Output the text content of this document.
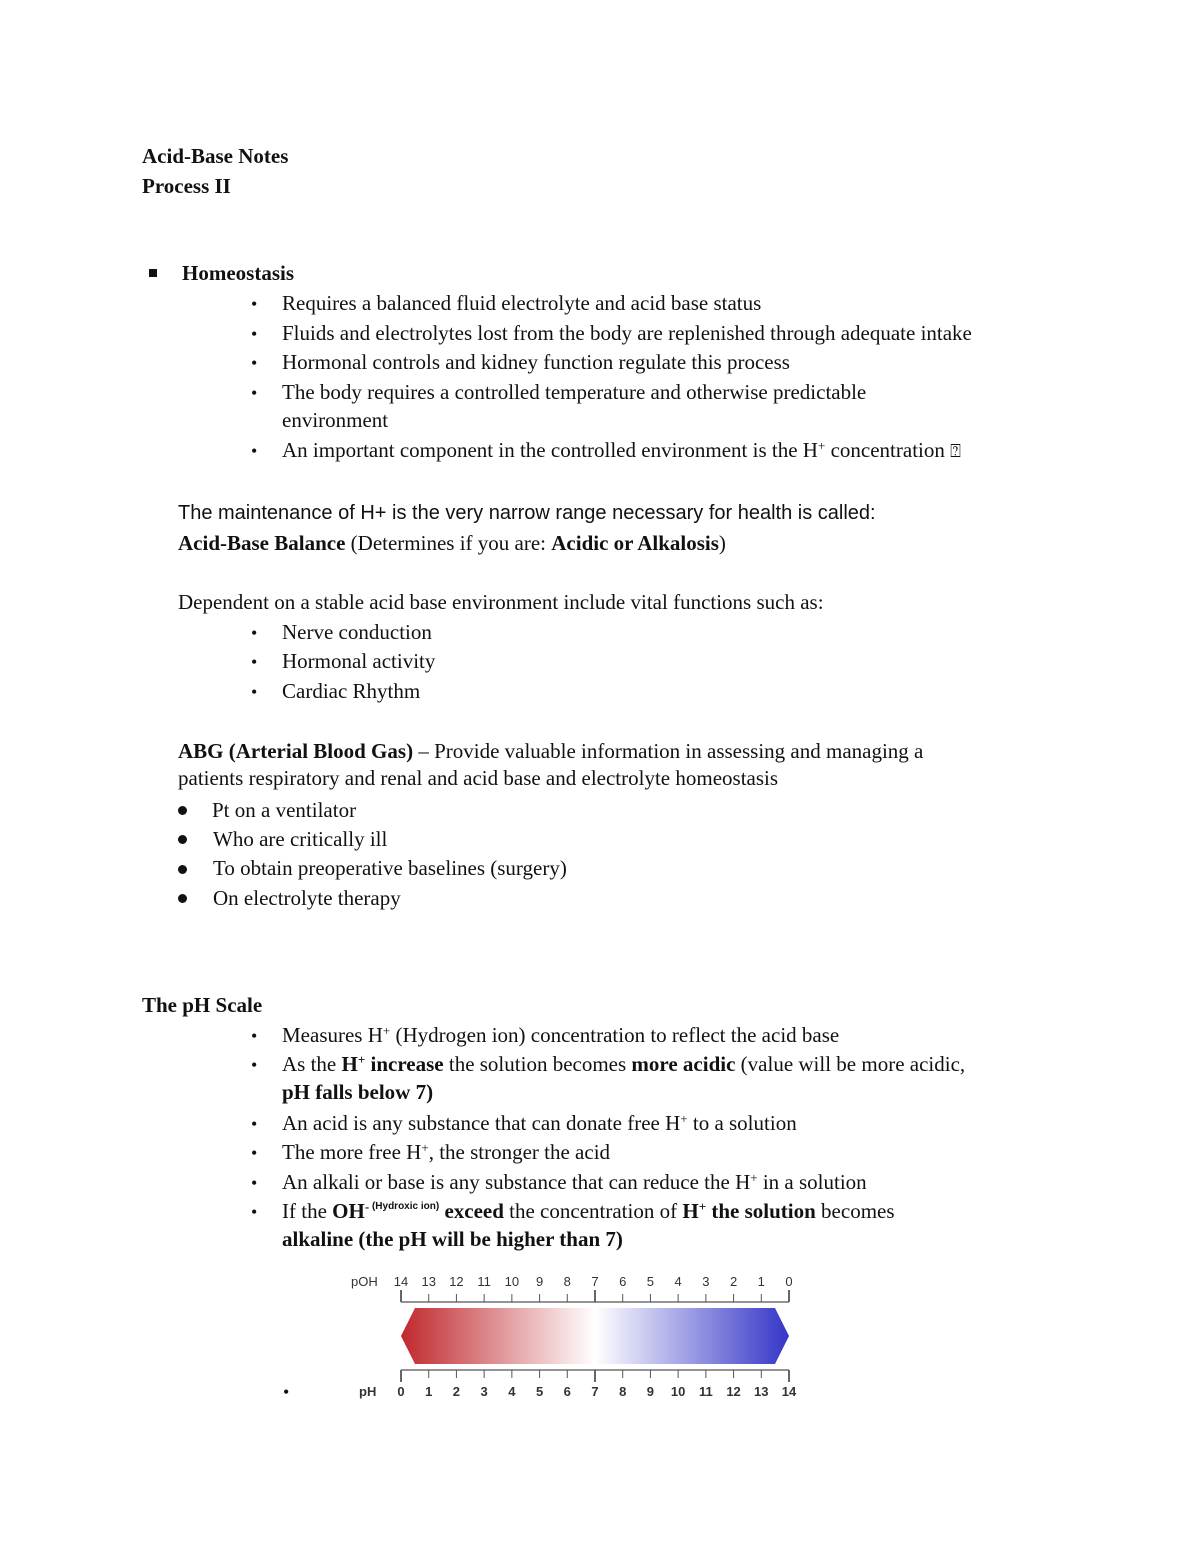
Acid-Base Notes
Process II
Homeostasis
• Requires a balanced fluid electrolyte and acid base status
• Fluids and electrolytes lost from the body are replenished through adequate intake
• Hormonal controls and kidney function regulate this process
• The body requires a controlled temperature and otherwise predictable
environment
• An important component in the controlled environment is the H+ concentration ⍰
The maintenance of H+ is the very narrow range necessary for health is called:
Acid-Base Balance (Determines if you are: Acidic or Alkalosis)
Dependent on a stable acid base environment include vital functions such as:
• Nerve conduction
• Hormonal activity
• Cardiac Rhythm
ABG (Arterial Blood Gas) – Provide valuable information in assessing and managing a
patients respiratory and renal and acid base and electrolyte homeostasis
Pt on a ventilator
Who are critically ill
To obtain preoperative baselines (surgery)
On electrolyte therapy
The pH Scale
• Measures H+ (Hydrogen ion) concentration to reflect the acid base
• As the H+ increase the solution becomes more acidic (value will be more acidic,
pH falls below 7)
• An acid is any substance that can donate free H+ to a solution
• The more free H+, the stronger the acid
• An alkali or base is any substance that can reduce the H+ in a solution
• If the OH- $^{(Hydroxic ion)}$ exceed the concentration of H+ the solution becomes
alkaline (the pH will be higher than 7)
•
pOH
pH
14 13 12 11 10 9 8 7 6 5 4 3 2 1 0
0 1 2 3 4 5 6 7 8 9 10 11 12 13 14
